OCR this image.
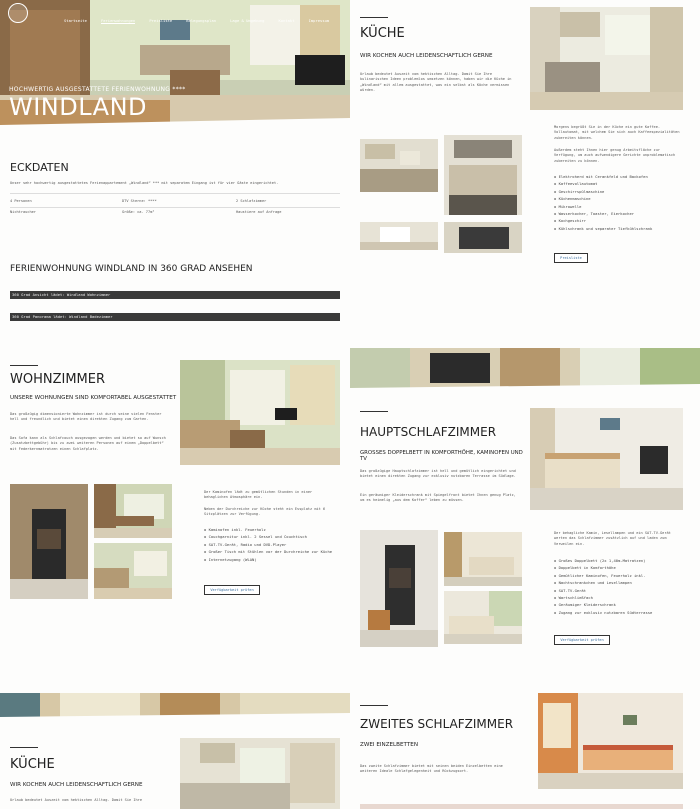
Startseite	Ferienwohnungen	Preisliste	Belegungsplan	Lage & Umgebung	Kontakt	Impressum
HOCHWERTIG AUSGESTATTETE FERIENWOHNUNG ****
WINDLAND
ECKDATEN
Unser sehr hochwertig ausgestattetes Ferienappartement „Windland“ *** mit separatem Eingang ist für vier Gäste eingerichtet.
4 Personen	DTV Sterne: ****	2 Schlafzimmer
Nichtraucher	Größe: ca. 77m²	Haustiere auf Anfrage
FERIENWOHNUNG WINDLAND IN 360 GRAD ANSEHEN
360 Grad Ansicht lädet: Windland Wohnzimmer
360 Grad Panorama lädet: Windland Badezimmer
WOHNZIMMER
UNSERE WOHNUNGEN SIND KOMFORTABEL AUSGESTATTET
Das großzügig dimensionierte Wohnzimmer ist durch seine vielen Fenster hell und freundlich und bietet einen direkten Zugang zum Garten.
Das Sofa kann als Schlafcouch ausgezogen werden und bietet so auf Wunsch (Zusatzbettgebühr) bis zu zwei weiteren Personen auf einem „Doppelbett“ mit Federkernmatratzen einen Schlafplatz.
Der Kaminofen lädt zu gemütlichen Stunden in einer behaglichen Atmosphäre ein.
Neben der Durchreiche zur Küche steht ein Essplatz mit 6 Sitzplätzen zur Verfügung.
o Kaminofen inkl. Feuerholz
o Couchgarnitur inkl. 2 Sessel und Couchtisch
o SAT-TV-Gerät, Radio und DVD-Player
o Großer Tisch mit Stühlen vor der Durchreiche zur Küche
o Internetzugang (WLAN)
Verfügbarkeit prüfen
KÜCHE
WIR KOCHEN AUCH LEIDENSCHAFTLICH GERNE
Urlaub bedeutet Auszeit vom hektischen Alltag. Damit Sie Ihre
KÜCHE
WIR KOCHEN AUCH LEIDENSCHAFTLICH GERNE
Urlaub bedeutet Auszeit vom hektischen Alltag. Damit Sie Ihre kulinarischen Ideen problemlos umsetzen können, haben wir die Küche in „Windland“ mit allem ausgestattet, was ein selbst als Köche vermissen würden.
Morgens begrüßt Sie in der Küche ein gute Kaffee-Vollautomat, mit welchem Sie sich auch Kaffeespezialitäten zubereiten können.
Außerdem steht Ihnen hier genug Arbeitsfläche zur Verfügung, um auch aufwendigere Gerichte unproblematisch zubereiten zu können.
o Elektroherd mit Cerankfeld und Backofen
o Kaffeevollautomat
o Geschirrspülmaschine
o Küchenmaschine
o Mikrowelle
o Wasserkocher, Toaster, Eierkocher
o Kochgeschirr
o Kühlschrank und separater Tiefkühlschrank
Preisliste
HAUPTSCHLAFZIMMER
GROSSES DOPPELBETT IN KOMFORTHÖHE, KAMINOFEN UND TV
Das großzügige Hauptschlafzimmer ist hell und gemütlich eingerichtet und bietet einen direkten Zugang zur exklusiv nutzbaren Terrasse im Südlage.
Ein geräumiger Kleiderschrank mit Spiegelfront bietet Ihnen genug Platz, um es heimelig „aus dem Koffer“ leben zu müssen.
Der behagliche Kamin, Lesellampen und ein SAT-TV-Gerät werten das Schlafzimmer zusätzlich auf und laden zum Verweilen ein.
o Großes Doppelbett (2x 1,40m-Matratzen)
o Doppelbett in Komforthöhe
o Gemütlicher Kaminofen, Feuerholz inkl.
o Nachtschrankchen und Lesellampen
o SAT-TV-Gerät
o Wartschließfach
o Geräumiger Kleiderschrank
o Zugang zur exklusiv nutzbaren Südterrasse
Verfügbarkeit prüfen
ZWEITES SCHLAFZIMMER
ZWEI EINZELBETTEN
Das zweite Schlafzimmer bietet mit seinen beiden Einzelbetten eine weiteren Ideale Schlafgelegenheit und Rückzugsort.
